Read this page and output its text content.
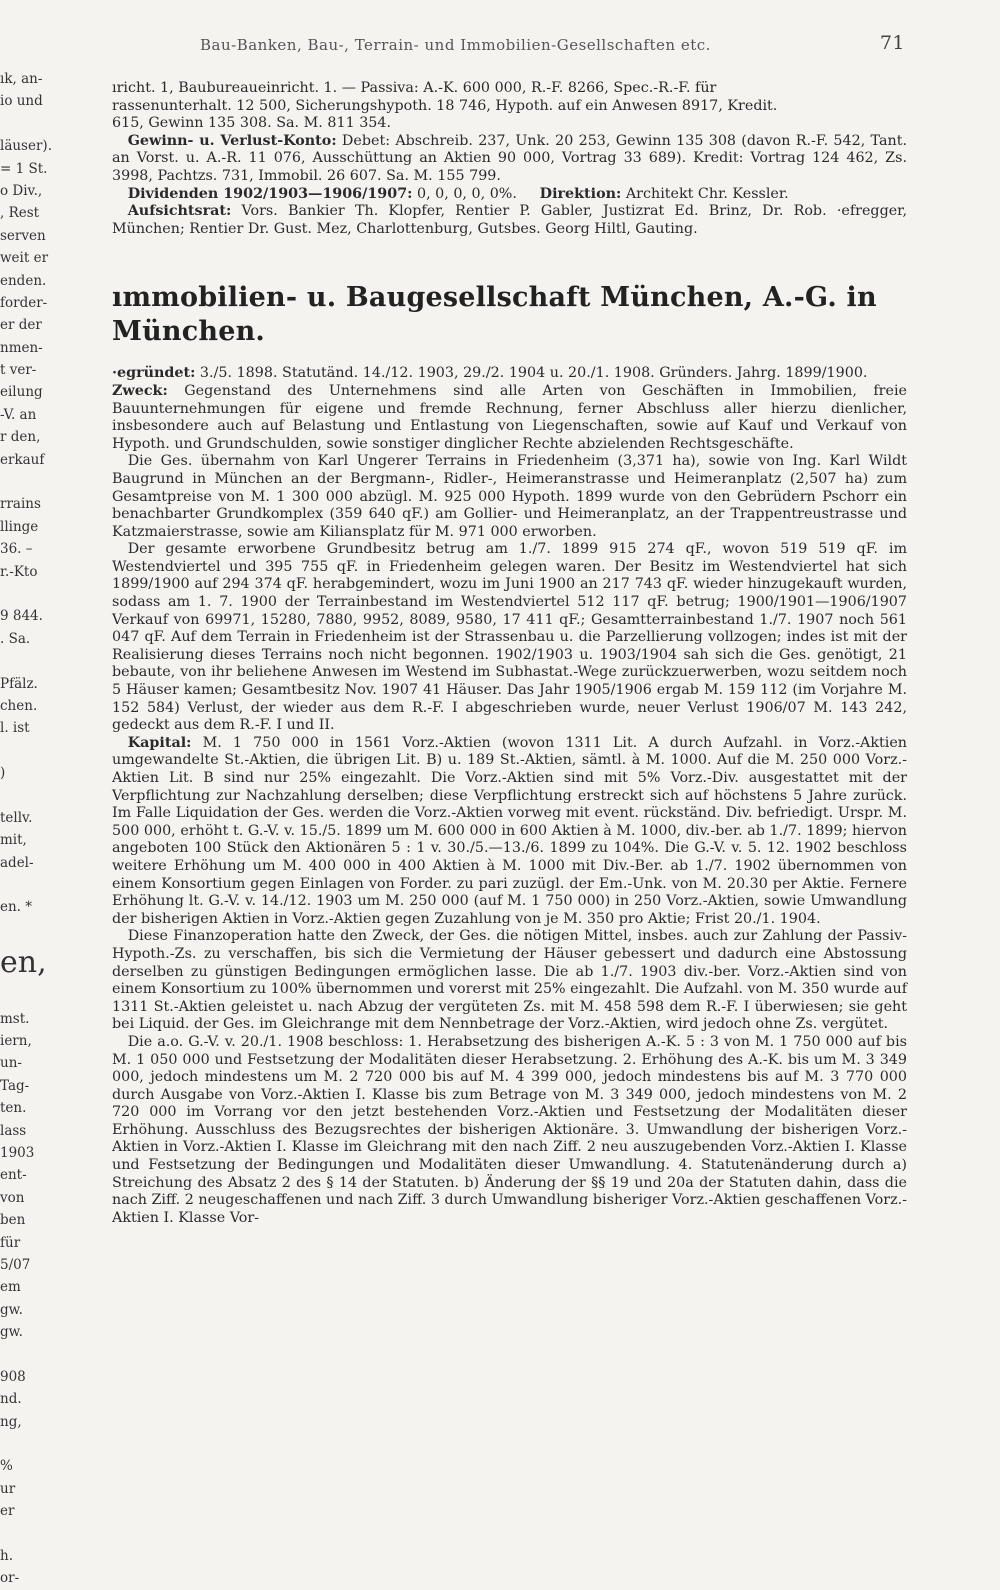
Bau-Banken, Bau-, Terrain- und Immobilien-Gesellschaften etc.	71
ık, an-
io und
läuser).
= 1 St.
o Div.,
, Rest
serven
weit er
enden.
forder-
er der
nmen-
t ver-
eilung
-V. an
r den,
erkauf
rrains
llinge
36. –
r.-Kto
9 844.
. Sa.
Pfälz.
chen.
l. ist
)
tellv.
mit,
adel-
en. *
en,
mst.
iern,
un-
Tag-
ten.
lass
1903
ent-
von
ben
für
5/07
em
gw.
gw.
908
nd.
ng,
%
ur
er
h.
or-

ıricht. 1, Baubureaueinricht. 1. — Passiva: A.-K. 600 000, R.-F. 8266, Spec.-R.-F. für

rassenunterhalt. 12 500, Sicherungshypoth. 18 746, Hypoth. auf ein Anwesen 8917, Kredit.

615, Gewinn 135 308. Sa. M. 811 354.

Gewinn- u. Verlust-Konto: Debet: Abschreib. 237, Unk. 20 253, Gewinn 135 308 (davon R.-F. 542, Tant. an Vorst. u. A.-R. 11 076, Ausschüttung an Aktien 90 000, Vortrag 33 689). Kredit: Vortrag 124 462, Zs. 3998, Pachtzs. 731, Immobil. 26 607. Sa. M. 155 799.

Dividenden 1902/1903—1906/1907: 0, 0, 0, 0, 0%. Direktion: Architekt Chr. Kessler.

Aufsichtsrat: Vors. Bankier Th. Klopfer, Rentier P. Gabler, Justizrat Ed. Brinz, Dr. Rob. ·efregger, München; Rentier Dr. Gust. Mez, Charlottenburg, Gutsbes. Georg Hiltl, Gauting.

ımmobilien- u. Baugesellschaft München, A.-G. in München.

·egründet: 3./5. 1898. Statutänd. 14./12. 1903, 29./2. 1904 u. 20./1. 1908. Gründers. Jahrg. 1899/1900.

Zweck: Gegenstand des Unternehmens sind alle Arten von Geschäften in Immobilien, freie Bauunternehmungen für eigene und fremde Rechnung, ferner Abschluss aller hierzu dienlicher, insbesondere auch auf Belastung und Entlastung von Liegenschaften, sowie auf Kauf und Verkauf von Hypoth. und Grundschulden, sowie sonstiger dinglicher Rechte abzielenden Rechtsgeschäfte.

Die Ges. übernahm von Karl Ungerer Terrains in Friedenheim (3,371 ha), sowie von Ing. Karl Wildt Baugrund in München an der Bergmann-, Ridler-, Heimeranstrasse und Heimeranplatz (2,507 ha) zum Gesamtpreise von M. 1 300 000 abzügl. M. 925 000 Hypoth. 1899 wurde von den Gebrüdern Pschorr ein benachbarter Grundkomplex (359 640 qF.) am Gollier- und Heimeranplatz, an der Trappentreustrasse und Katzmaierstrasse, sowie am Kiliansplatz für M. 971 000 erworben.

Der gesamte erworbene Grundbesitz betrug am 1./7. 1899 915 274 qF., wovon 519 519 qF. im Westendviertel und 395 755 qF. in Friedenheim gelegen waren. Der Besitz im Westendviertel hat sich 1899/1900 auf 294 374 qF. herabgemindert, wozu im Juni 1900 an 217 743 qF. wieder hinzugekauft wurden, sodass am 1. 7. 1900 der Terrainbestand im Westendviertel 512 117 qF. betrug; 1900/1901—1906/1907 Verkauf von 69971, 15280, 7880, 9952, 8089, 9580, 17 411 qF.; Gesamtterrainbestand 1./7. 1907 noch 561 047 qF. Auf dem Terrain in Friedenheim ist der Strassenbau u. die Parzellierung vollzogen; indes ist mit der Realisierung dieses Terrains noch nicht begonnen. 1902/1903 u. 1903/1904 sah sich die Ges. genötigt, 21 bebaute, von ihr beliehene Anwesen im Westend im Subhastat.-Wege zurückzuerwerben, wozu seitdem noch 5 Häuser kamen; Gesamtbesitz Nov. 1907 41 Häuser. Das Jahr 1905/1906 ergab M. 159 112 (im Vorjahre M. 152 584) Verlust, der wieder aus dem R.-F. I abgeschrieben wurde, neuer Verlust 1906/07 M. 143 242, gedeckt aus dem R.-F. I und II.

Kapital: M. 1 750 000 in 1561 Vorz.-Aktien (wovon 1311 Lit. A durch Aufzahl. in Vorz.-Aktien umgewandelte St.-Aktien, die übrigen Lit. B) u. 189 St.-Aktien, sämtl. à M. 1000. Auf die M. 250 000 Vorz.-Aktien Lit. B sind nur 25% eingezahlt. Die Vorz.-Aktien sind mit 5% Vorz.-Div. ausgestattet mit der Verpflichtung zur Nachzahlung derselben; diese Verpflichtung erstreckt sich auf höchstens 5 Jahre zurück. Im Falle Liquidation der Ges. werden die Vorz.-Aktien vorweg mit event. rückständ. Div. befriedigt. Urspr. M. 500 000, erhöht t. G.-V. v. 15./5. 1899 um M. 600 000 in 600 Aktien à M. 1000, div.-ber. ab 1./7. 1899; hiervon angeboten 100 Stück den Aktionären 5 : 1 v. 30./5.—13./6. 1899 zu 104%. Die G.-V. v. 5. 12. 1902 beschloss weitere Erhöhung um M. 400 000 in 400 Aktien à M. 1000 mit Div.-Ber. ab 1./7. 1902 übernommen von einem Konsortium gegen Einlagen von Forder. zu pari zuzügl. der Em.-Unk. von M. 20.30 per Aktie. Fernere Erhöhung lt. G.-V. v. 14./12. 1903 um M. 250 000 (auf M. 1 750 000) in 250 Vorz.-Aktien, sowie Umwandlung der bisherigen Aktien in Vorz.-Aktien gegen Zuzahlung von je M. 350 pro Aktie; Frist 20./1. 1904.

Diese Finanzoperation hatte den Zweck, der Ges. die nötigen Mittel, insbes. auch zur Zahlung der Passiv-Hypoth.-Zs. zu verschaffen, bis sich die Vermietung der Häuser gebessert und dadurch eine Abstossung derselben zu günstigen Bedingungen ermöglichen lasse. Die ab 1./7. 1903 div.-ber. Vorz.-Aktien sind von einem Konsortium zu 100% übernommen und vorerst mit 25% eingezahlt. Die Aufzahl. von M. 350 wurde auf 1311 St.-Aktien geleistet u. nach Abzug der vergüteten Zs. mit M. 458 598 dem R.-F. I überwiesen; sie geht bei Liquid. der Ges. im Gleichrange mit dem Nennbetrage der Vorz.-Aktien, wird jedoch ohne Zs. vergütet.

Die a.o. G.-V. v. 20./1. 1908 beschloss: 1. Herabsetzung des bisherigen A.-K. 5 : 3 von M. 1 750 000 auf bis M. 1 050 000 und Festsetzung der Modalitäten dieser Herabsetzung. 2. Erhöhung des A.-K. bis um M. 3 349 000, jedoch mindestens um M. 2 720 000 bis auf M. 4 399 000, jedoch mindestens bis auf M. 3 770 000 durch Ausgabe von Vorz.-Aktien I. Klasse bis zum Betrage von M. 3 349 000, jedoch mindestens von M. 2 720 000 im Vorrang vor den jetzt bestehenden Vorz.-Aktien und Festsetzung der Modalitäten dieser Erhöhung. Ausschluss des Bezugsrechtes der bisherigen Aktionäre. 3. Umwandlung der bisherigen Vorz.-Aktien in Vorz.-Aktien I. Klasse im Gleichrang mit den nach Ziff. 2 neu auszugebenden Vorz.-Aktien I. Klasse und Festsetzung der Bedingungen und Modalitäten dieser Umwandlung. 4. Statutenänderung durch a) Streichung des Absatz 2 des § 14 der Statuten. b) Änderung der §§ 19 und 20a der Statuten dahin, dass die nach Ziff. 2 neugeschaffenen und nach Ziff. 3 durch Umwandlung bisheriger Vorz.-Aktien geschaffenen Vorz.-Aktien I. Klasse Vor-
